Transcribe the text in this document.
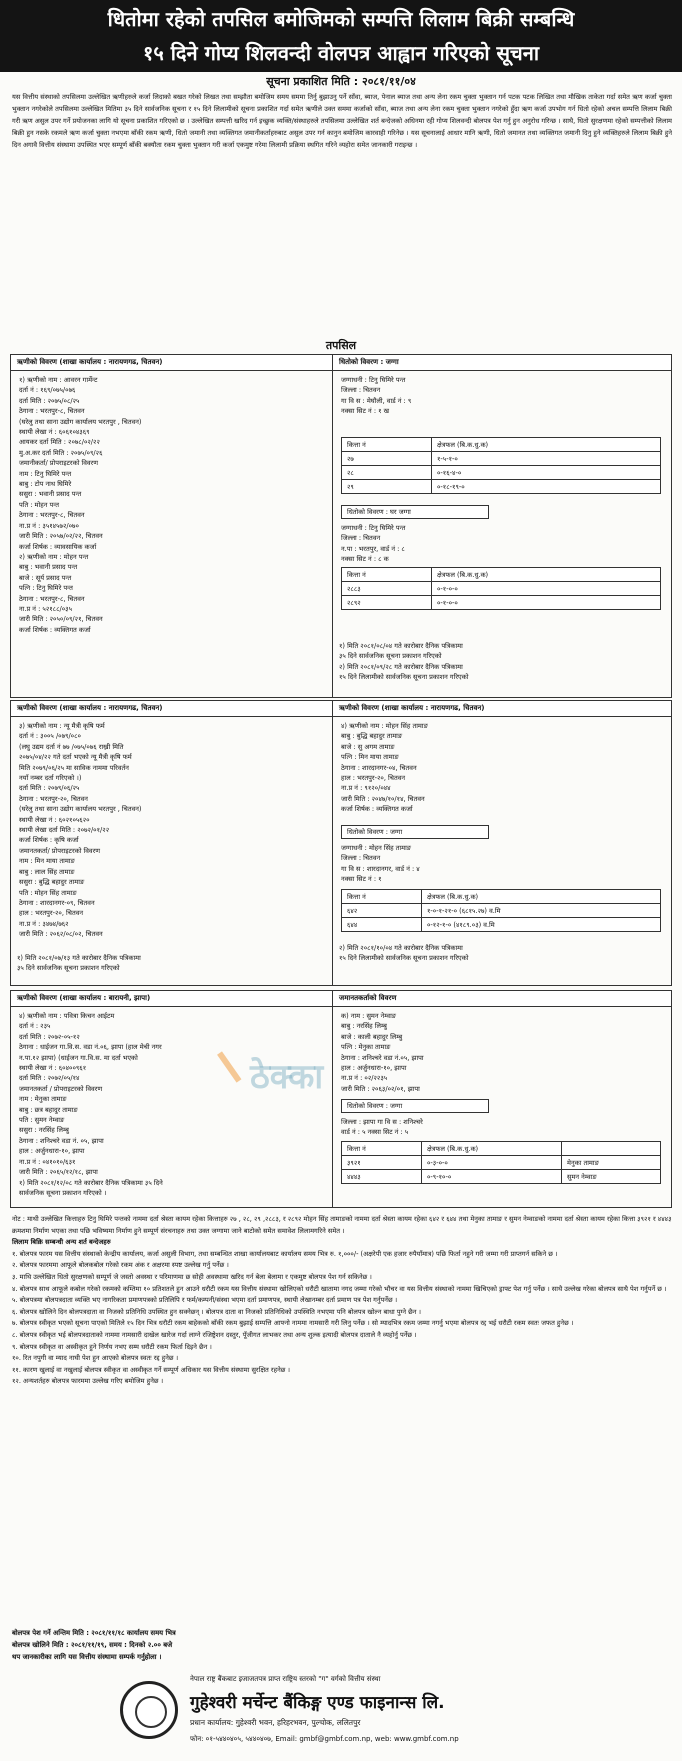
धितोमा रहेको तपसिल बमोजिमको सम्पत्ति लिलाम बिक्री सम्बन्धि
१५ दिने गोप्य शिलवन्दी वोलपत्र आह्वान गरिएको सूचना
सूचना प्रकाशित मिति : २०८१/११/०४
यस वित्तीय संस्थाको तपसिलमा उल्लेखित ऋणीहरुले कर्जा लिदाको बखत गरेको लिखत तथा सम्झौता बमोजिम समय सममा तिर्नु बुझाउनु पर्ने साँवा, ब्याज, पेनाल ब्याज तथा अन्य लेना रकम चुक्ता भुक्तान गर्न पटक पटक लिखित तथा मौखिक ताकेता गर्दा समेत ऋण कर्जा चुक्ता भुक्तान नगरेकोले तपसिलमा उल्लेखित मितिमा ३५ दिने सार्वजनिक सूचना र १५ दिने लिलामीको सूचना प्रकाशित गर्दा समेत ऋणीले उक्त सममा कर्जाको साँवा, ब्याज तथा अन्य लेना रकम चुक्ता भुक्तान नगरेको हुँदा ऋण कर्जा उपभोग गर्न धितो रहेको अचल सम्पत्ति लिलाम बिक्री गरी ऋण असुल उपर गर्ने प्रयोजनका लागि यो सूचना प्रकाशित गरिएको छ । उल्लेखित सम्पत्ती खरिद गर्न इच्छुक व्यक्ति/संस्थाहरुले तपसिलमा उल्लेखित शर्त बन्देजको अधिनमा रही गोप्य शिलवन्दी बोलपत्र पेश गर्नु हुन अनुरोध गरिन्छ । साथै, धितो सुरक्षणमा रहेको सम्पत्तीको लिलाम बिक्री हुन नसके रकमले ऋण कर्जा चुक्ता नभएमा बाँकी रकम ऋणी, धितो जमानी तथा व्यक्तिगत जमानीकर्ताहरुबाट असुल उपर गर्न कानुन बमोजिम कारवाही गरिनेछ । यस सूचनालाई आधार मानि ऋणी, धितो जमानत तथा व्यक्तिगत जमानी दिनु हुने व्यक्तिहरुले लिलाम बिक्री हुने दिन अगावै वित्तीय संस्थामा उपस्थित भएर सम्पूर्ण बाँकी बक्यौता रकम चुक्ता भुक्तान गरी कर्जा एकमुष्ट गरेमा लिलामी प्रक्रिया स्थगित गरिने व्यहोरा समेत जानकारी गराइन्छ ।
तपसिल
ऋणीको विवरण (शाखा कार्यालय : नारायणगढ, चितवन)	धितोको विवरण : जग्गा
१) ऋणीको नाम : आवरन गार्मेन्ट
दर्ता नं : १६९/०७५/०७६
दर्ता मिति : २०७५/०८/२५
ठेगाना : भरतपुर-८, चितवन
(घरेलु तथा साना उद्योग कार्यालय भरतपुर , चितवन)
स्थायी लेखा नं : ६०६१०४३६९
आयकर दर्ता मिति : २०७८/०२/२२
मु.अ.कर दर्ता मिति : २०७५/०९/२६
जमानीकर्ता/ प्रोपराइटरको विवरण
नाम : टिनु घिमिरे पन्त
बाबु : टोप नाथ घिमिरे
ससुरा : भवानी प्रसाद पन्त
पति : मोहन पन्त
ठेगाना : भरतपुर-८, चितवन
ना.प्र नं : ३५१४५७२/०७०
जारी मिति : २०५७/०२/२२, चितवन
कर्जा शिर्षक : व्यावसायिक कर्जा
२) ऋणीको नाम : मोहन पन्त
बाबु : भवानी प्रसाद पन्त
बाजे : सूर्य प्रसाद पन्त
पत्नि : टिनु घिमिरे पन्त
ठेगाना : भरतपुर-८, चितवन
ना.प्र नं : ५२१८८/०३५
जारी मिति : २०५०/०९/२१, चितवन
कर्जा शिर्षक : व्यक्तिगत कर्जा
जग्गाधनी : टिनु घिमिरे पन्त
जिल्ला : चितवन
गा वि स : मेघौली, वार्ड नं : ९
नक्सा सिट नं : १ ख
कित्ता नं	क्षेत्रफल (बि.क.धु.क)
२७	१-५-१-०
२८	०-१६-४-०
२९	०-१८-१९-०
धितोको विवरण : घर जग्गा
जग्गाधनी : टिनु घिमिरे पन्त
जिल्ला : चितवन
न.पा : भरतपुर, वार्ड नं : ८
नक्सा सिट नं : ८ क
कित्ता नं	क्षेत्रफल (बि.क.धु.क)
२८८३	०-१-०-०
२८९२	०-१-०-०
१) मिति २०८१/०८/०४ गते कारोबार दैनिक पत्रिकामा
३५ दिने सार्वजनिक सूचना प्रकाशन गरिएको
२) मिति २०८१/०९/२८ गते कारोबार दैनिक पत्रिकामा
१५ दिने लिलामीको सार्वजनिक सूचना प्रकाशन गरिएको
ऋणीको विवरण (शाखा कार्यालय : नारायणगढ, चितवन)	ऋणीको विवरण (शाखा कार्यालय : नारायणगढ, चितवन)
३) ऋणीको नाम : न्यू मैत्री कृषि फर्म
दर्ता नं : ३००५ /०७९/०८०
(लघु उद्यम दर्ता नं ७७ /०७५/०७६ राख्री मिति
२०७५/०४/२२ गते दर्ता भएको न्यू मैत्री कृषि फर्म
मिति २०७९/०६/२५ मा साविक नाममा परिवर्तन
नयाँ नम्बर दर्ता गरिएको ।)
दर्ता मिति : २०७९/०६/२५
ठेगाना : भरतपुर-२०, चितवन
(घरेलु तथा साना उद्योग कार्यालय भरतपुर , चितवन)
स्थायी लेखा नं : ६०२१०५६२०
स्थायी लेखा दर्ता मिति : २०७२/०१/२२
कर्जा शिर्षक : कृषि कर्जा
जमानतकर्ता/ प्रोपराइटरको विवरण
नाम : मिन माया तामाङ
बाबु : लाल सिंह तामाङ
ससुरा : बुद्धि बहादुर तामाङ
पति : मोहन सिंह तामाङ
ठेगाना : शारदानगर-०९, चितवन
हाल : भरतपुर-२०, चितवन
ना.प्र नं : ३४७४/७६२
जारी मिति : २०६२/०८/०२, चितवन
४) ऋणीको नाम : मोहन सिंह तामाङ
बाबु : बुद्धि बहादुर तामाङ
बाजे : सु अगम तामाङ
पत्नि : मिन माया तामाङ
ठेगाना : शारदानगर-०४, चितवन
हाल : भरतपुर-२०, चितवन
ना.प्र नं : ९१२०/०४४
जारी मिति : २०४७/१०/१४, चितवन
कर्जा शिर्षक : व्यक्तिगत कर्जा
धितोको विवरण : जग्गा
जग्गाधनी : मोहन सिंह तामाङ
जिल्ला : चितवन
गा वि स : शारदानगर, वार्ड नं : ४
नक्सा सिट नं : १
कित्ता नं	क्षेत्रफल (बि.क.धु.क)
६४२	१-०-१-२१-० (६८१५.२७) व.मि
६४४	०-१२-१-० (४१८९.०३) व.मि
२) मिति २०८१/१०/०४ गते कारोबार दैनिक पत्रिकामा
१५ दिने लिलामीको सार्वजनिक सूचना प्रकाशन गरिएको
१) मिति २०८१/०७/१३ गते कारोबार दैनिक पत्रिकामा
३५ दिने सार्वजनिक सूचना प्रकाशन गरिएको
ठेक्का
ऋणीको विवरण (शाखा कार्यालय : बारायनी, झापा)	जमानतकर्ताको विवरण
४) ऋणीको नाम : पवित्रा किचन आईटम
दर्ता नं : २३५
दर्ता मिति : २०७२-०५-१२
ठेगाना : धाईजन गा.वि.स. वडा नं.०६, झापा (हाल मेची नगर
न.पा.१२ झापा) (धाईजन गा.वि.स. मा दर्ता भएको
स्थायी लेखा नं : ६०४००९६१
दर्ता मिति : २०७२/०५/१४
जमानतकर्ता / प्रोपराइटरको विवरण
नाम : मेनुका तामाङ
बाबु : छत्र बहादुर तामाङ
पति : सुमन नेम्वाङ
ससुरा : नरसिंह लिम्बु
ठेगाना : शनिश्चरे वडा नं. ०५, झापा
हाल : अर्जुनधारा-१०, झापा
ना.प्र नं : ०४१०१०/६३१
जारी मिति : २०६५/१२/१८, झापा
१) मिति २०८१/१२/०८ गते कारोबार दैनिक पत्रिकामा ३५ दिने
सार्वजनिक सूचना प्रकाशन गरिएको ।
क) नाम : सुमन नेम्वाङ
बाबु : नरसिंह लिम्बु
बाजे : काली बहादुर लिम्बु
पत्नि : मेनुका तामाङ
ठेगाना : शनिश्चरे वडा नं.०५, झापा
हाल : अर्जुनधारा-१०, झापा
ना.प्र नं : ०२/२२३५
जारी मिति : २०६३/०२/०१, झापा
धितोको विवरण : जग्गा
जिल्ला : झापा गा वि स : शनिश्चरे
वार्ड नं : ५ नक्सा सिट नं : ५
कित्ता नं	क्षेत्रफल (बि.क.धु.क)	
३९२१	०-३-०-०	मेनुका तामाङ
४४४३	०-९-१०-०	सुमन नेम्वाङ
नोट : माथी उल्लेखित कित्ताहरु टिनु घिमिरे पन्तको नाममा दर्ता श्रेस्ता कायम रहेका कित्ताहरु २७ , २८, २९ ,२८८३, र २८९२ मोहन सिंह तामाङको नाममा दर्ता श्रेस्ता कायम रहेका ६४२ र ६४४ तथा मेनुका तामाङ र सुमन नेम्वाङको नाममा दर्ता श्रेस्ता कायम रहेका कित्ता ३९२१ र ४४४३ क्रमशमा निर्माण भएका तथा पछि भविष्यमा निर्माण हुने सम्पूर्ण संरचनाहरु तथा उक्त जग्गामा जाने बाटोको समेत समावेश लिलामगरिने समेत ।
लिलाम बिक्रि सम्बन्धी अन्य शर्त बन्देजहरु
१. बोलपत्र फारम यस वित्तीय संस्थाको केन्द्रीय कार्यालय, कर्जा असुली विभाग, तथा सम्बन्धित शाखा कार्यालयबाट कार्यालय समय भित्र रु. १,०००/- (अक्षरेपी एक हजार रुपैयाँमात्र) पछि फिर्ता नहुने गरी जम्मा गरी प्राप्तगर्न सकिने छ ।
२. बोलपत्र फारममा आफूले बोलकबोल गरेको रकम अंक र अक्षरमा स्पष्ट उल्लेख गर्नु पर्नेछ ।
३. माथि उल्लेखित धितो सुरक्षणको सम्पूर्ण जे जस्तो अवस्था र परिमाणमा छ सोही अवस्थामा खरिद गर्न बेला बेलामा र एकमुष्ट बोलपत्र पेश गर्न सकिनेछ ।
४. बोलपत्र साथ आफूले कबोल गरेको रकमको कम्तिमा १० प्रतिशतले हुन आउने धरौटी रकम यस वित्तीय संस्थामा खोलिएको धरौटी खातामा नगद जम्मा गरेको भौचर वा यस वित्तीय संस्थाको नाममा खिचिएको ड्राफ्ट पेश गर्नु पर्नेछ । साथै उल्लेख गरेका बोलपत्र साथै पेश गर्नुपर्ने छ ।
५. बोलपत्रमा बोलपत्रदाता व्यक्ति भए नागरिकता प्रमाणपत्रको प्रतिलिपि र फर्म/कम्पनी/संस्था भएमा दर्ता प्रमाणपत्र, स्थायी लेखानम्बर दर्ता प्रमाण पत्र पेश गर्नुपर्नेछ ।
६. बोलपत्र खोलिने दिन बोलपत्रदाता वा निजको प्रतिनिधि उपस्थित हुन सक्नेछन् । बोलपत्र दाता वा निजको प्रतिनिधिको उपस्थिति नभएमा पनि बोलपत्र खोल्न बाधा पुग्ने छैन ।
७. बोलपत्र स्वीकृत भएको सूचना पाएको मितिले १५ दिन भित्र धरौटी रकम बाहेकको बाँकी रकम बुझाई सम्पत्ति आफ्नो नाममा नामसारी गरी लिनु पर्नेछ । सो म्यादभित्र रकम जम्मा नगर्नु भएमा बोलपत्र रद्द भई धरौटी रकम स्वतः जफत हुनेछ ।
८. बोलपत्र स्वीकृत भई बोलपत्रदाताको नाममा नामसारी दाखेल खारेज गर्दा लाग्ने रजिष्ट्रेशन दस्तुर, पूँजीगत लाभकर तथा अन्य शुल्क इत्यादी बोलपत्र दाताले नै व्यहोर्नु पर्नेछ ।
९. बोलपत्र स्वीकृत वा अस्वीकृत हुने निर्णय नभए सम्म धरौटी रकम फिर्ता दिइने छैन ।
१०. रित नपुगी वा म्याद नाघी पेश हुन आएको बोलपत्र स्वतः रद्द हुनेछ ।
११. कारण खुलाई वा नखुलाई बोलपत्र स्वीकृत वा अस्वीकृत गर्ने सम्पूर्ण अधिकार यस वित्तीय संस्थामा सुरक्षित रहनेछ ।
१२. अन्यशर्तहरु बोलपत्र फारममा उल्लेख गरिए बमोजिम हुनेछ ।
बोलपत्र पेश गर्ने अन्तिम मिति : २०८१/११/१८ कार्यालय समय भित्र
बोलपत्र खोलिने मिति : २०८१/११/१९, समय : दिनको २.०० बजे
थप जानकारीका लागि यस वित्तीय संस्थामा सम्पर्क गर्नुहोला ।
नेपाल राष्ट्र बैंकबाट इजाजतपत्र प्राप्त राष्ट्रिय स्तरको "ग" वर्गको वित्तीय संस्था
गुहेश्वरी मर्चेन्ट बैंकिङ्ग एण्ड फाइनान्स लि.
प्रधान कार्यालय: गुहेश्वरी भवन, हरिहरभवन, पुल्चोक, ललितपुर
फोन: ०१-५४४०४०५, ५४४०४०७, Email: gmbf@gmbf.com.np, web: www.gmbf.com.np
